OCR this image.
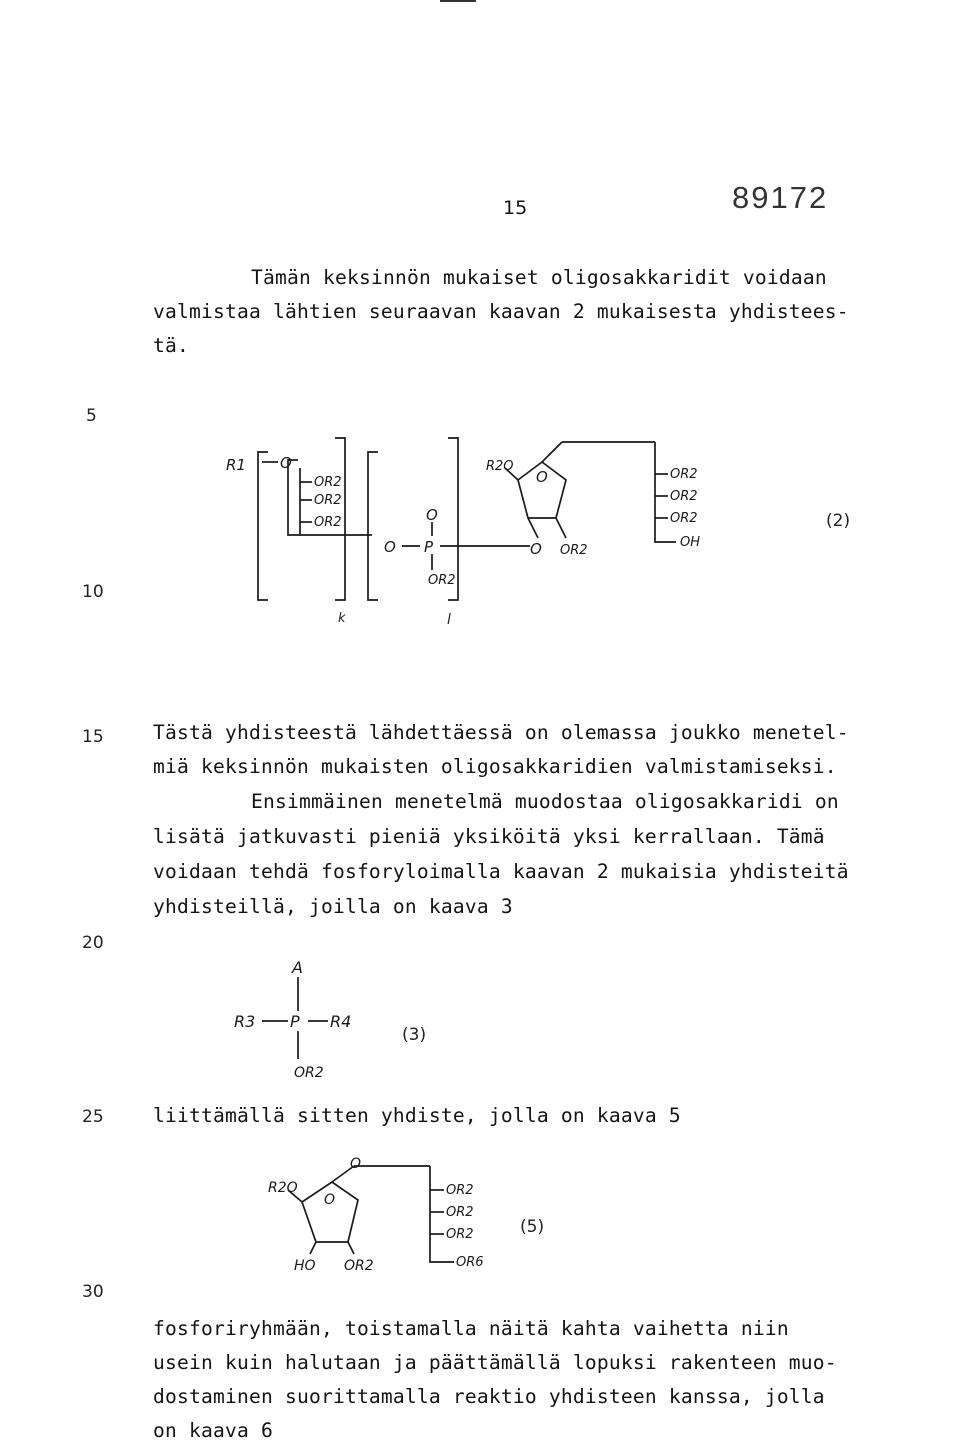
15	89172
5
10
15
20
25
30
Tämän keksinnön mukaiset oligosakkaridit voidaan
valmistaa lähtien seuraavan kaavan 2 mukaisesta yhdistees-
tä.
R1 O
OR2
OR2
OR2
O
O
P
OR2
R2O
O
O OR2
OR2
OR2
OR2
OH
k	l
(2)
Tästä yhdisteestä lähdettäessä on olemassa joukko menetel-
miä keksinnön mukaisten oligosakkaridien valmistamiseksi.
Ensimmäinen menetelmä muodostaa oligosakkaridi on
lisätä jatkuvasti pieniä yksiköitä yksi kerrallaan. Tämä
voidaan tehdä fosforyloimalla kaavan 2 mukaisia yhdisteitä
yhdisteillä, joilla on kaava 3
A
R3 P R4
OR2
(3)
liittämällä sitten yhdiste, jolla on kaava 5
R2O
O
O
HO OR2
OR2
OR2
OR2
OR6
(5)
fosforiryhmään, toistamalla näitä kahta vaihetta niin
usein kuin halutaan ja päättämällä lopuksi rakenteen muo-
dostaminen suorittamalla reaktio yhdisteen kanssa, jolla
on kaava 6
